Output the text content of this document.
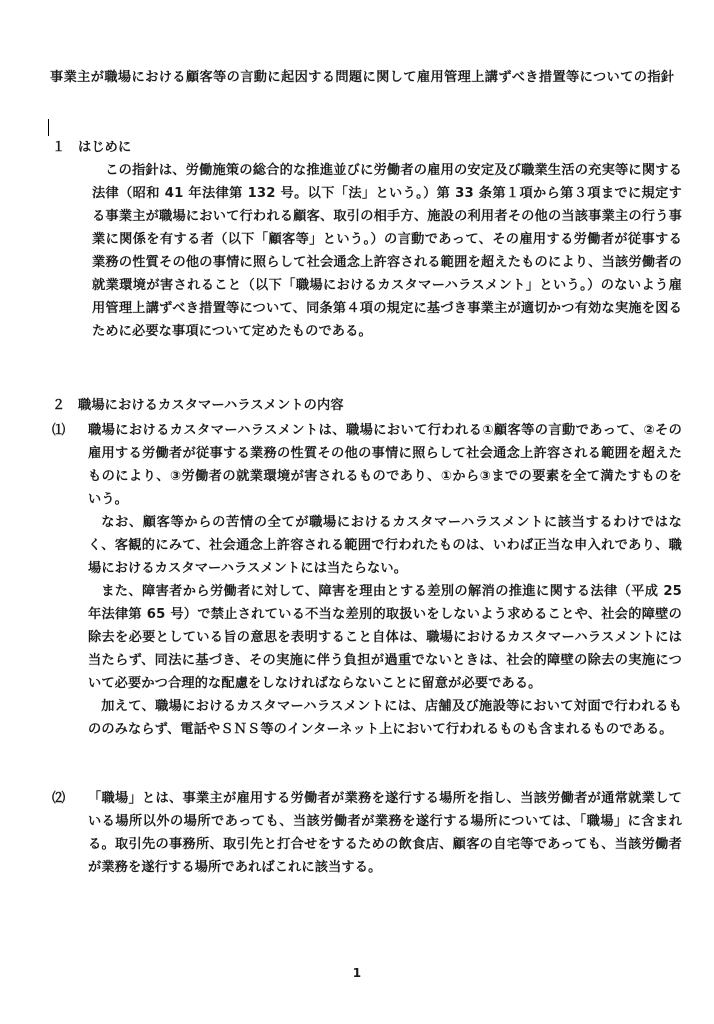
事業主が職場における顧客等の言動に起因する問題に関して雇用管理上講ずべき措置等についての指針
１ はじめに

この指針は、労働施策の総合的な推進並びに労働者の雇用の安定及び職業生活の充実等に関する法律（昭和 41 年法律第 132 号。以下「法」という。）第 33 条第１項から第３項までに規定する事業主が職場において行われる顧客、取引の相手方、施設の利用者その他の当該事業主の行う事業に関係を有する者（以下「顧客等」という。）の言動であって、その雇用する労働者が従事する業務の性質その他の事情に照らして社会通念上許容される範囲を超えたものにより、当該労働者の就業環境が害されること（以下「職場におけるカスタマーハラスメント」という。）のないよう雇用管理上講ずべき措置等について、同条第４項の規定に基づき事業主が適切かつ有効な実施を図るために必要な事項について定めたものである。

２ 職場におけるカスタマーハラスメントの内容
⑴	職場におけるカスタマーハラスメントは、職場において行われる①顧客等の言動であって、②その雇用する労働者が従事する業務の性質その他の事情に照らして社会通念上許容される範囲を超えたものにより、③労働者の就業環境が害されるものであり、①から③までの要素を全て満たすものをいう。

なお、顧客等からの苦情の全てが職場におけるカスタマーハラスメントに該当するわけではなく、客観的にみて、社会通念上許容される範囲で行われたものは、いわば正当な申入れであり、職場におけるカスタマーハラスメントには当たらない。

また、障害者から労働者に対して、障害を理由とする差別の解消の推進に関する法律（平成 25 年法律第 65 号）で禁止されている不当な差別的取扱いをしないよう求めることや、社会的障壁の除去を必要としている旨の意思を表明すること自体は、職場におけるカスタマーハラスメントには当たらず、同法に基づき、その実施に伴う負担が過重でないときは、社会的障壁の除去の実施について必要かつ合理的な配慮をしなければならないことに留意が必要である。

加えて、職場におけるカスタマーハラスメントには、店舗及び施設等において対面で行われるもののみならず、電話やＳＮＳ等のインターネット上において行われるものも含まれるものである。

⑵	「職場」とは、事業主が雇用する労働者が業務を遂行する場所を指し、当該労働者が通常就業している場所以外の場所であっても、当該労働者が業務を遂行する場所については、「職場」に含まれる。取引先の事務所、取引先と打合せをするための飲食店、顧客の自宅等であっても、当該労働者が業務を遂行する場所であればこれに該当する。

1
